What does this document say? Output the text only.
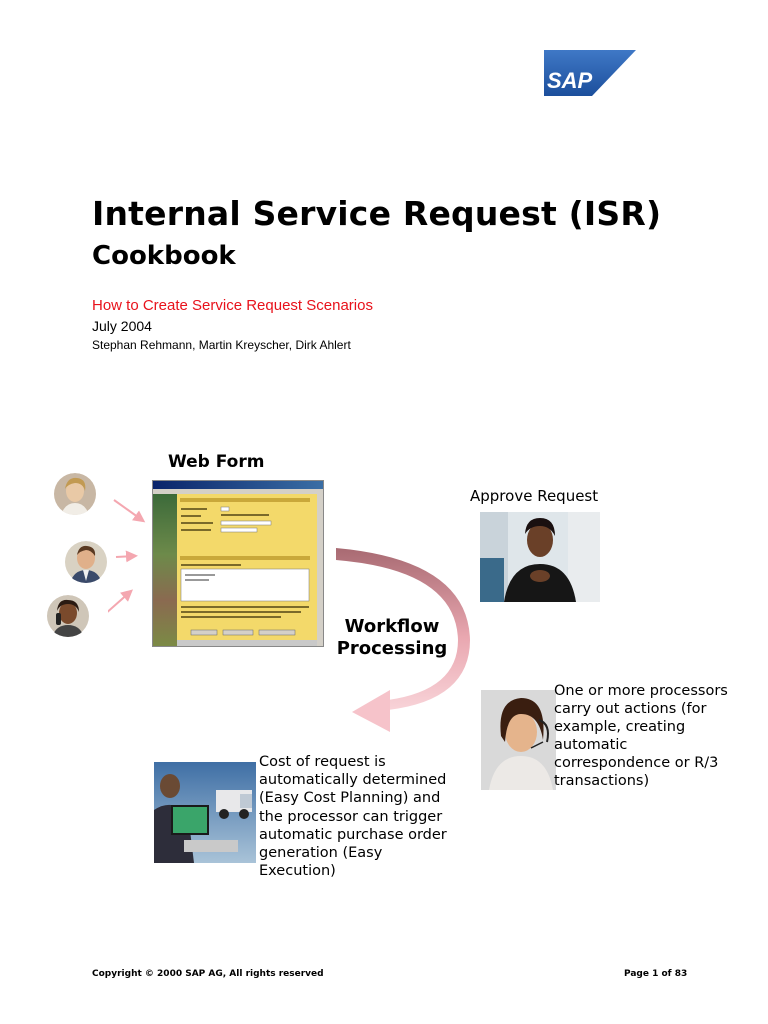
SAP
Internal Service Request (ISR)
Cookbook
How to Create Service Request Scenarios
July 2004
Stephan Rehmann, Martin Kreyscher, Dirk Ahlert
Web Form
Approve Request
Workflow
Processing
One or more processors carry out actions (for example, creating automatic correspondence or R/3 transactions)
Cost of request is automatically determined (Easy Cost Planning) and the processor can trigger automatic purchase order generation (Easy Execution)
Copyright © 2000 SAP AG, All rights reserved	Page 1 of 83
